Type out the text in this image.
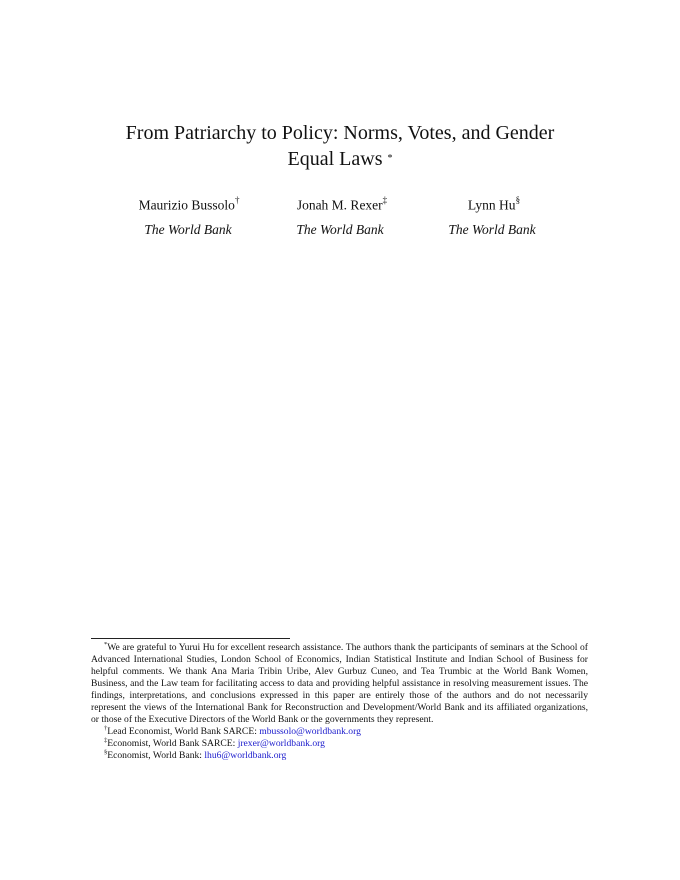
From Patriarchy to Policy: Norms, Votes, and Gender Equal Laws *
Maurizio Bussolo†	Jonah M. Rexer‡	Lynn Hu§
The World Bank	The World Bank	The World Bank

*We are grateful to Yurui Hu for excellent research assistance. The authors thank the participants of seminars at the School of Advanced International Studies, London School of Economics, Indian Statistical Institute and Indian School of Business for helpful comments. We thank Ana Maria Tribin Uribe, Alev Gurbuz Cuneo, and Tea Trumbic at the World Bank Women, Business, and the Law team for facilitating access to data and providing helpful assistance in resolving measurement issues. The findings, interpretations, and conclusions expressed in this paper are entirely those of the authors and do not necessarily represent the views of the International Bank for Reconstruction and Development/World Bank and its affiliated organizations, or those of the Executive Directors of the World Bank or the governments they represent.

†Lead Economist, World Bank SARCE: mbussolo@worldbank.org

‡Economist, World Bank SARCE: jrexer@worldbank.org

§Economist, World Bank: lhu6@worldbank.org
